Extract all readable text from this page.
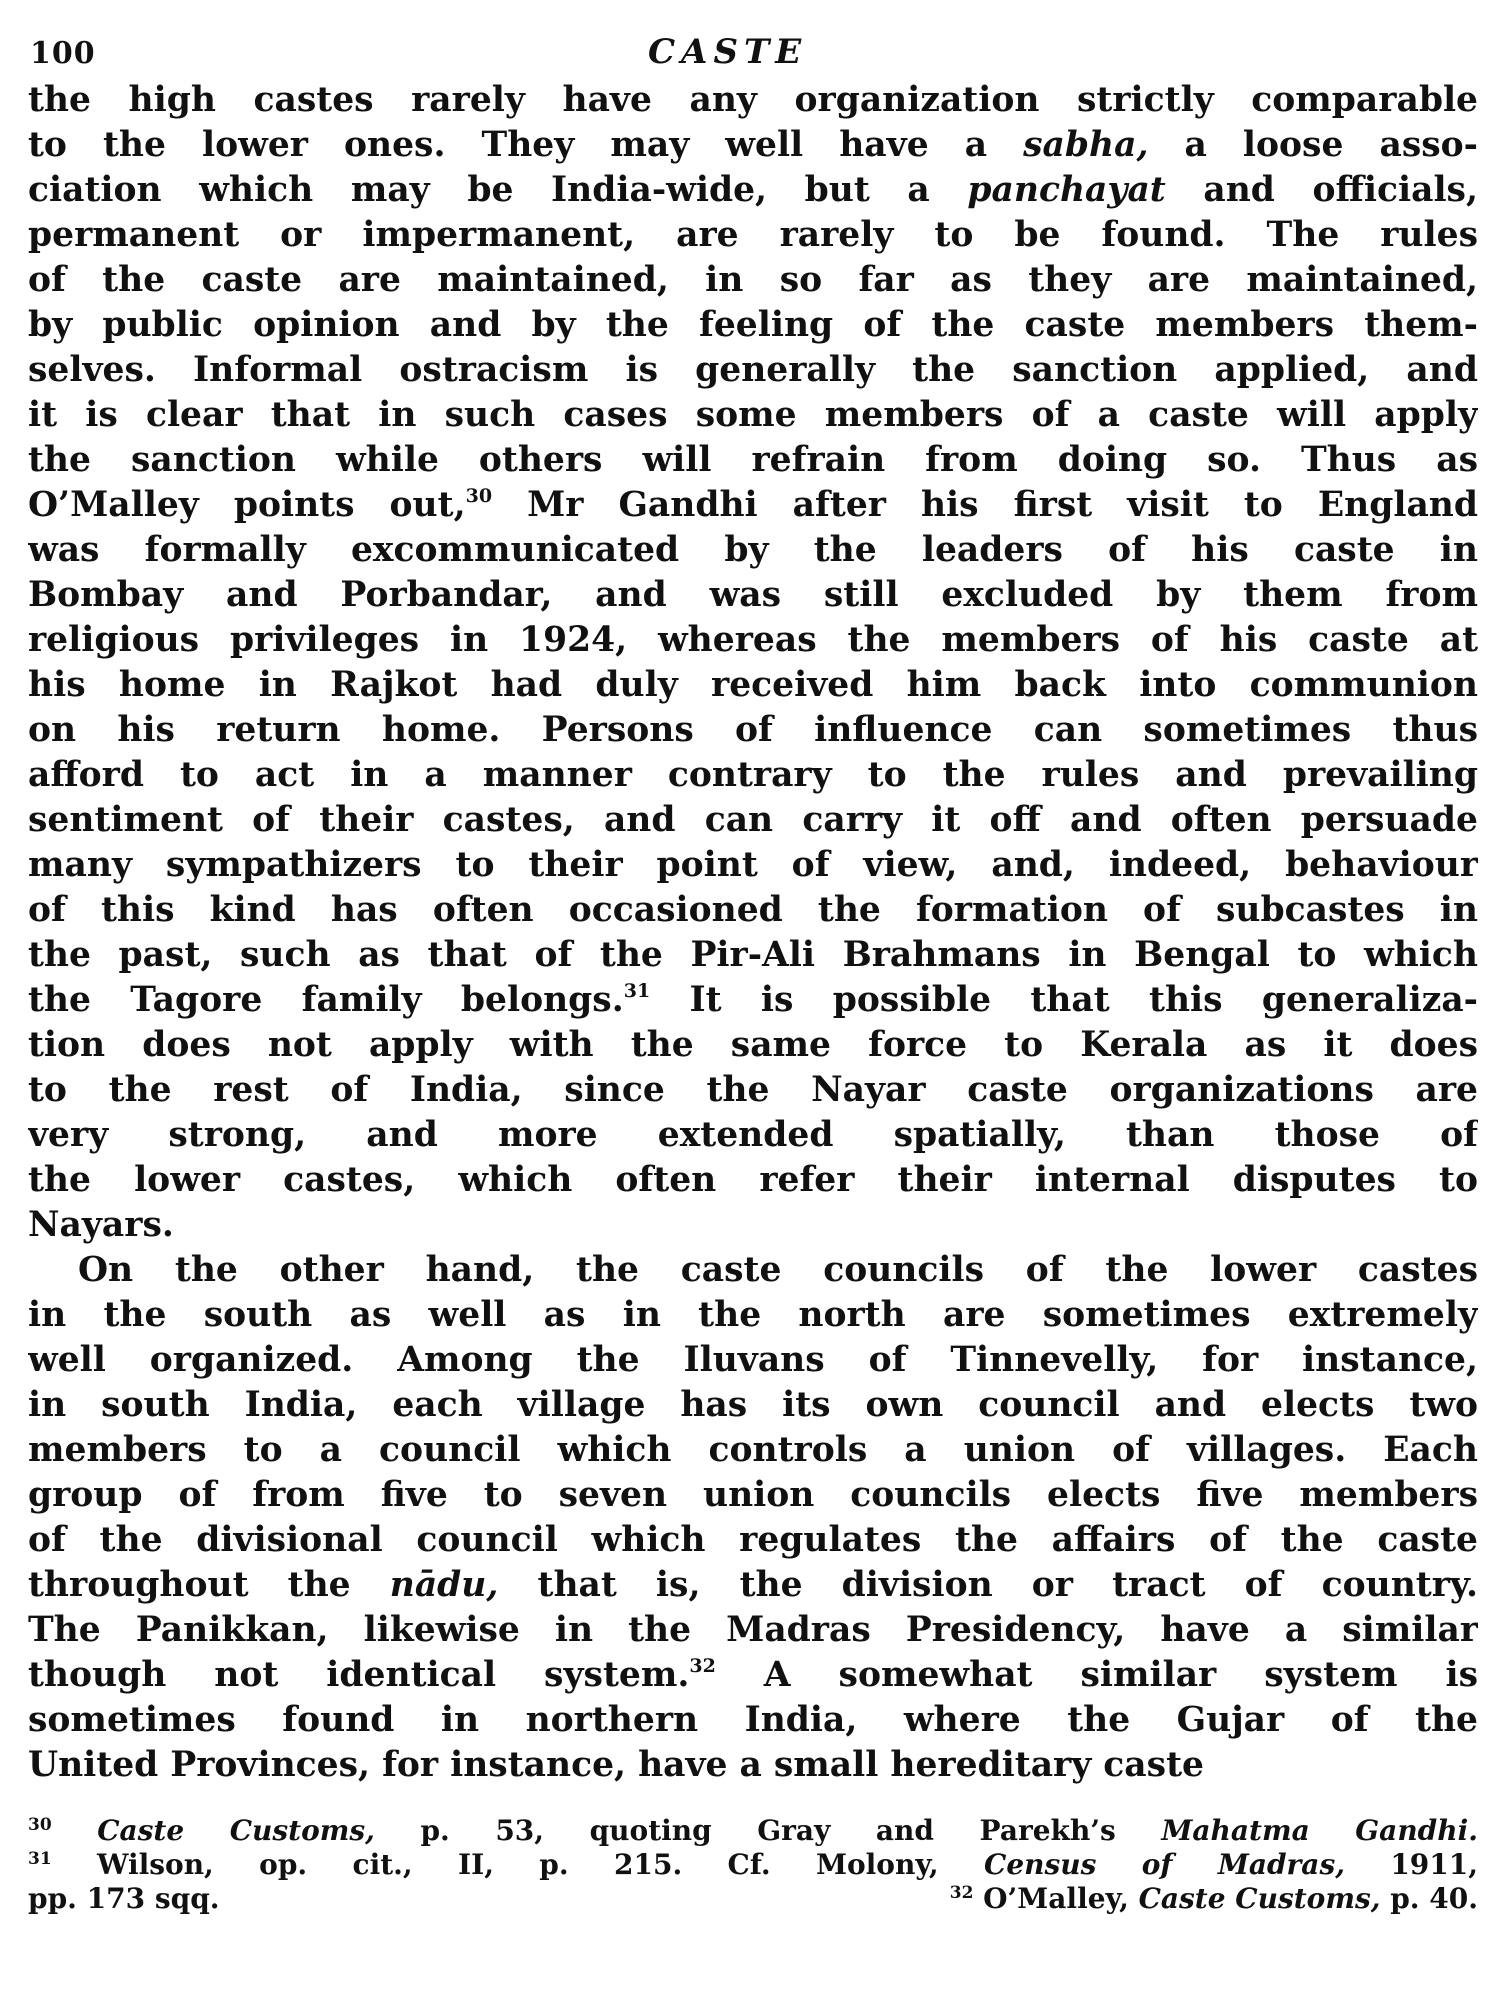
100	CASTE
the high castes rarely have any organization strictly comparable
to the lower ones. They may well have a sabha, a loose asso-
ciation which may be India-wide, but a panchayat and officials,
permanent or impermanent, are rarely to be found. The rules
of the caste are maintained, in so far as they are maintained,
by public opinion and by the feeling of the caste members them-
selves. Informal ostracism is generally the sanction applied, and
it is clear that in such cases some members of a caste will apply
the sanction while others will refrain from doing so. Thus as
O’Malley points out,$^{30}$ Mr Gandhi after his first visit to England
was formally excommunicated by the leaders of his caste in
Bombay and Porbandar, and was still excluded by them from
religious privileges in 1924, whereas the members of his caste at
his home in Rajkot had duly received him back into communion
on his return home. Persons of influence can sometimes thus
afford to act in a manner contrary to the rules and prevailing
sentiment of their castes, and can carry it off and often persuade
many sympathizers to their point of view, and, indeed, behaviour
of this kind has often occasioned the formation of subcastes in
the past, such as that of the Pir-Ali Brahmans in Bengal to which
the Tagore family belongs.$^{31}$ It is possible that this generaliza-
tion does not apply with the same force to Kerala as it does
to the rest of India, since the Nayar caste organizations are
very strong, and more extended spatially, than those of
the lower castes, which often refer their internal disputes to
Nayars.
On the other hand, the caste councils of the lower castes
in the south as well as in the north are sometimes extremely
well organized. Among the Iluvans of Tinnevelly, for instance,
in south India, each village has its own council and elects two
members to a council which controls a union of villages. Each
group of from five to seven union councils elects five members
of the divisional council which regulates the affairs of the caste
throughout the nādu, that is, the division or tract of country.
The Panikkan, likewise in the Madras Presidency, have a similar
though not identical system.$^{32}$ A somewhat similar system is
sometimes found in northern India, where the Gujar of the
United Provinces, for instance, have a small hereditary caste
$^{30}$ Caste Customs, p. 53, quoting Gray and Parekh’s Mahatma Gandhi.
$^{31}$ Wilson, op. cit., II, p. 215. Cf. Molony, Census of Madras, 1911,
pp. 173 sqq.	$^{32}$ O’Malley, Caste Customs, p. 40.
